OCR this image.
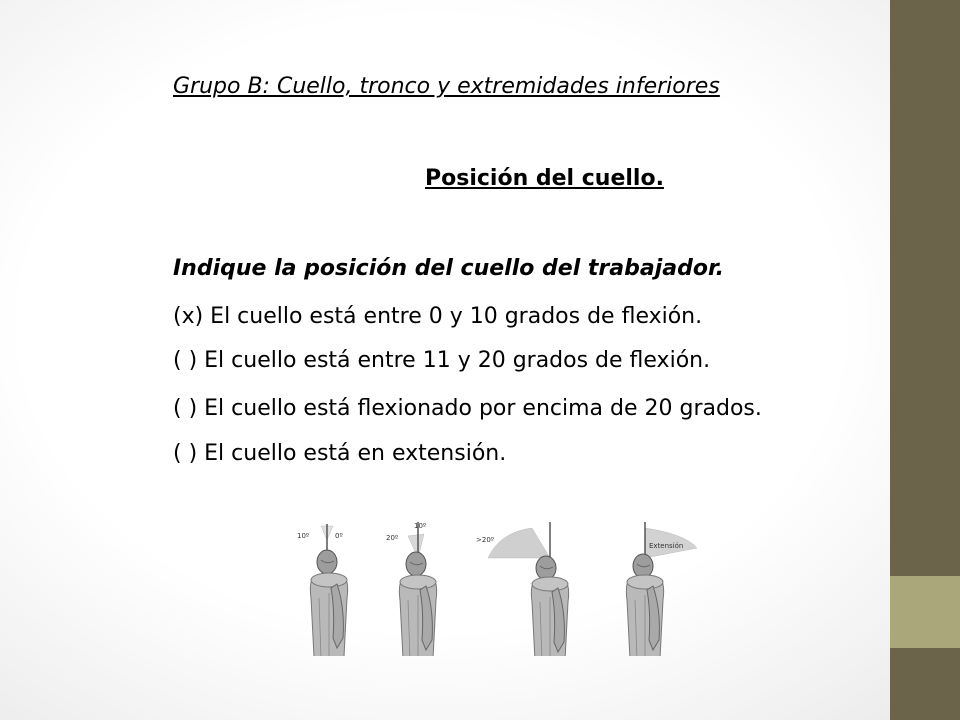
Grupo B: Cuello, tronco y extremidades inferiores
Posición del cuello.
Indique la posición del cuello del trabajador.
(x) El cuello está entre 0 y 10 grados de flexión.
( ) El cuello está entre 11 y 20 grados de flexión.
( ) El cuello está flexionado por encima de 20 grados.
( ) El cuello está en extensión.
10º	0º	20º
10º
>20º
Extensión
